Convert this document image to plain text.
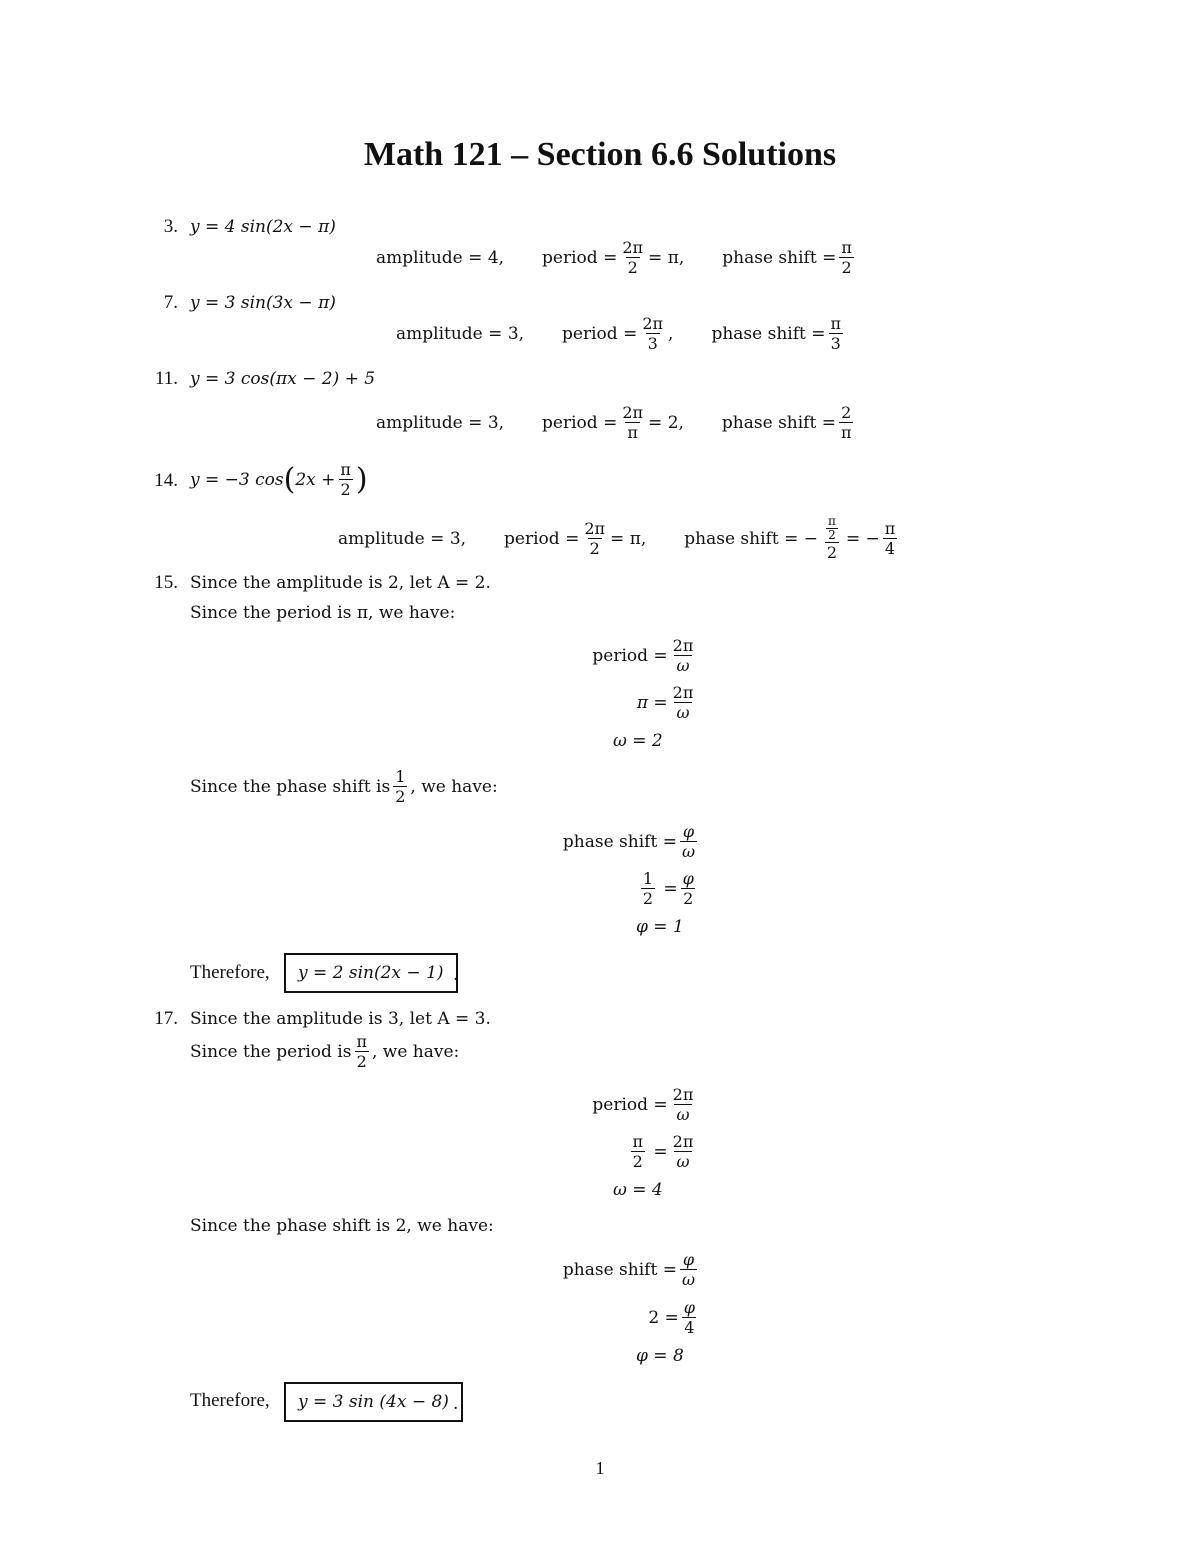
Math 121 – Section 6.6 Solutions
3. y = 4 sin(2x − π)
amplitude = 4 , period = $\frac{2\pi}{2} = \pi$ , phase shift = $\frac{\pi}{2}$
7. y = 3 sin(3x − π)
amplitude = 3 , period = $\frac{2\pi}{3}$ , phase shift = $\frac{\pi}{3}$
11. y = 3 cos(πx − 2) + 5
amplitude = 3 , period = $\frac{2\pi}{\pi} = 2$ , phase shift = $\frac{2}{\pi}$
14. y = −3 cos ( $2x + \frac{\pi}{2}$ )
amplitude = 3 , period = $\frac{2\pi}{2} = \pi$ , phase shift = − $\frac{\frac{\pi}{2}}{2}$ = − $\frac{\pi}{4}$
15. Since the amplitude is 2, let A = 2.
Since the period is π, we have:
period = $\frac{2\pi}{\omega}$
$\pi = \frac{2\pi}{\omega}$
ω = 2
Since the phase shift is $\frac{1}{2}$ , we have:
phase shift = $\frac{\varphi}{\omega}$
$\frac{1}{2} = \frac{\varphi}{2}$
φ = 1
Therefore,	y = 2 sin(2x − 1) .
17. Since the amplitude is 3, let A = 3.
Since the period is $\frac{\pi}{2}$ , we have:
period = $\frac{2\pi}{\omega}$
$\frac{\pi}{2} = \frac{2\pi}{\omega}$
ω = 4
Since the phase shift is 2, we have:
phase shift = $\frac{\varphi}{\omega}$
$2 = \frac{\varphi}{4}$
φ = 8
Therefore,	y = 3 sin (4x − 8) .
1
